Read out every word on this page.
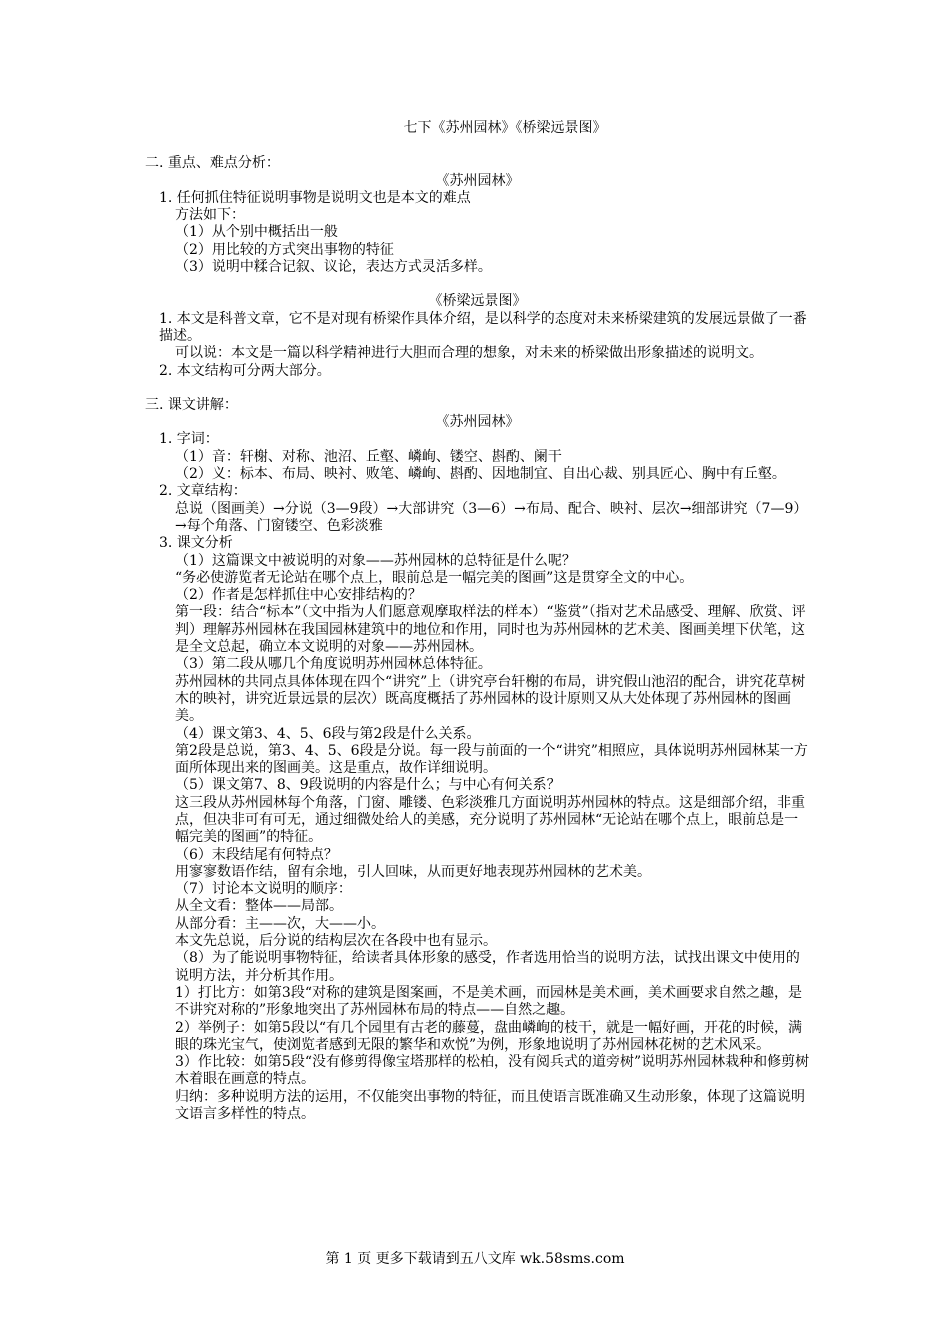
七下《苏州园林》《桥梁远景图》

二. 重点、难点分析：

《苏州园林》

1. 任何抓住特征说明事物是说明文也是本文的难点

方法如下：

（1）从个别中概括出一般

（2）用比较的方式突出事物的特征

（3）说明中糅合记叙、议论，表达方式灵活多样。

《桥梁远景图》

1. 本文是科普文章，它不是对现有桥梁作具体介绍，是以科学的态度对未来桥梁建筑的发展远景做了一番描述。

可以说：本文是一篇以科学精神进行大胆而合理的想象，对未来的桥梁做出形象描述的说明文。

2. 本文结构可分两大部分。

三. 课文讲解：

《苏州园林》

1. 字词：

（1）音：轩榭、对称、池沼、丘壑、嶙峋、镂空、斟酌、阑干

（2）义：标本、布局、映衬、败笔、嶙峋、斟酌、因地制宜、自出心裁、别具匠心、胸中有丘壑。

2. 文章结构：

总说（图画美）→分说（3—9段）→大部讲究（3—6）→布局、配合、映衬、层次→细部讲究（7—9）→每个角落、门窗镂空、色彩淡雅

3. 课文分析

（1）这篇课文中被说明的对象——苏州园林的总特征是什么呢？

“务必使游览者无论站在哪个点上，眼前总是一幅完美的图画”这是贯穿全文的中心。

（2）作者是怎样抓住中心安排结构的？

第一段：结合“标本”（文中指为人们愿意观摩取样法的样本）“鉴赏”（指对艺术品感受、理解、欣赏、评判）理解苏州园林在我国园林建筑中的地位和作用，同时也为苏州园林的艺术美、图画美埋下伏笔，这是全文总起，确立本文说明的对象——苏州园林。

（3）第二段从哪几个角度说明苏州园林总体特征。

苏州园林的共同点具体体现在四个“讲究”上（讲究亭台轩榭的布局，讲究假山池沼的配合，讲究花草树木的映衬，讲究近景远景的层次）既高度概括了苏州园林的设计原则又从大处体现了苏州园林的图画美。

（4）课文第3、4、5、6段与第2段是什么关系。

第2段是总说，第3、4、5、6段是分说。每一段与前面的一个“讲究”相照应，具体说明苏州园林某一方面所体现出来的图画美。这是重点，故作详细说明。

（5）课文第7、8、9段说明的内容是什么；与中心有何关系？

这三段从苏州园林每个角落，门窗、雕镂、色彩淡雅几方面说明苏州园林的特点。这是细部介绍，非重点，但决非可有可无，通过细微处给人的美感，充分说明了苏州园林“无论站在哪个点上，眼前总是一幅完美的图画”的特征。

（6）末段结尾有何特点？

用寥寥数语作结，留有余地，引人回味，从而更好地表现苏州园林的艺术美。

（7）讨论本文说明的顺序：

从全文看：整体——局部。

从部分看：主——次，大——小。

本文先总说，后分说的结构层次在各段中也有显示。

（8）为了能说明事物特征，给读者具体形象的感受，作者选用恰当的说明方法，试找出课文中使用的说明方法，并分析其作用。

1）打比方：如第3段“对称的建筑是图案画，不是美术画，而园林是美术画，美术画要求自然之趣，是不讲究对称的”形象地突出了苏州园林布局的特点——自然之趣。

2）举例子：如第5段以“有几个园里有古老的藤蔓，盘曲嶙峋的枝干，就是一幅好画，开花的时候，满眼的珠光宝气，使浏览者感到无限的繁华和欢悦”为例，形象地说明了苏州园林花树的艺术风采。

3）作比较：如第5段“没有修剪得像宝塔那样的松柏，没有阅兵式的道旁树”说明苏州园林栽种和修剪树木着眼在画意的特点。

归纳：多种说明方法的运用，不仅能突出事物的特征，而且使语言既准确又生动形象，体现了这篇说明文语言多样性的特点。

第 1 页 更多下载请到五八文库 wk.58sms.com
